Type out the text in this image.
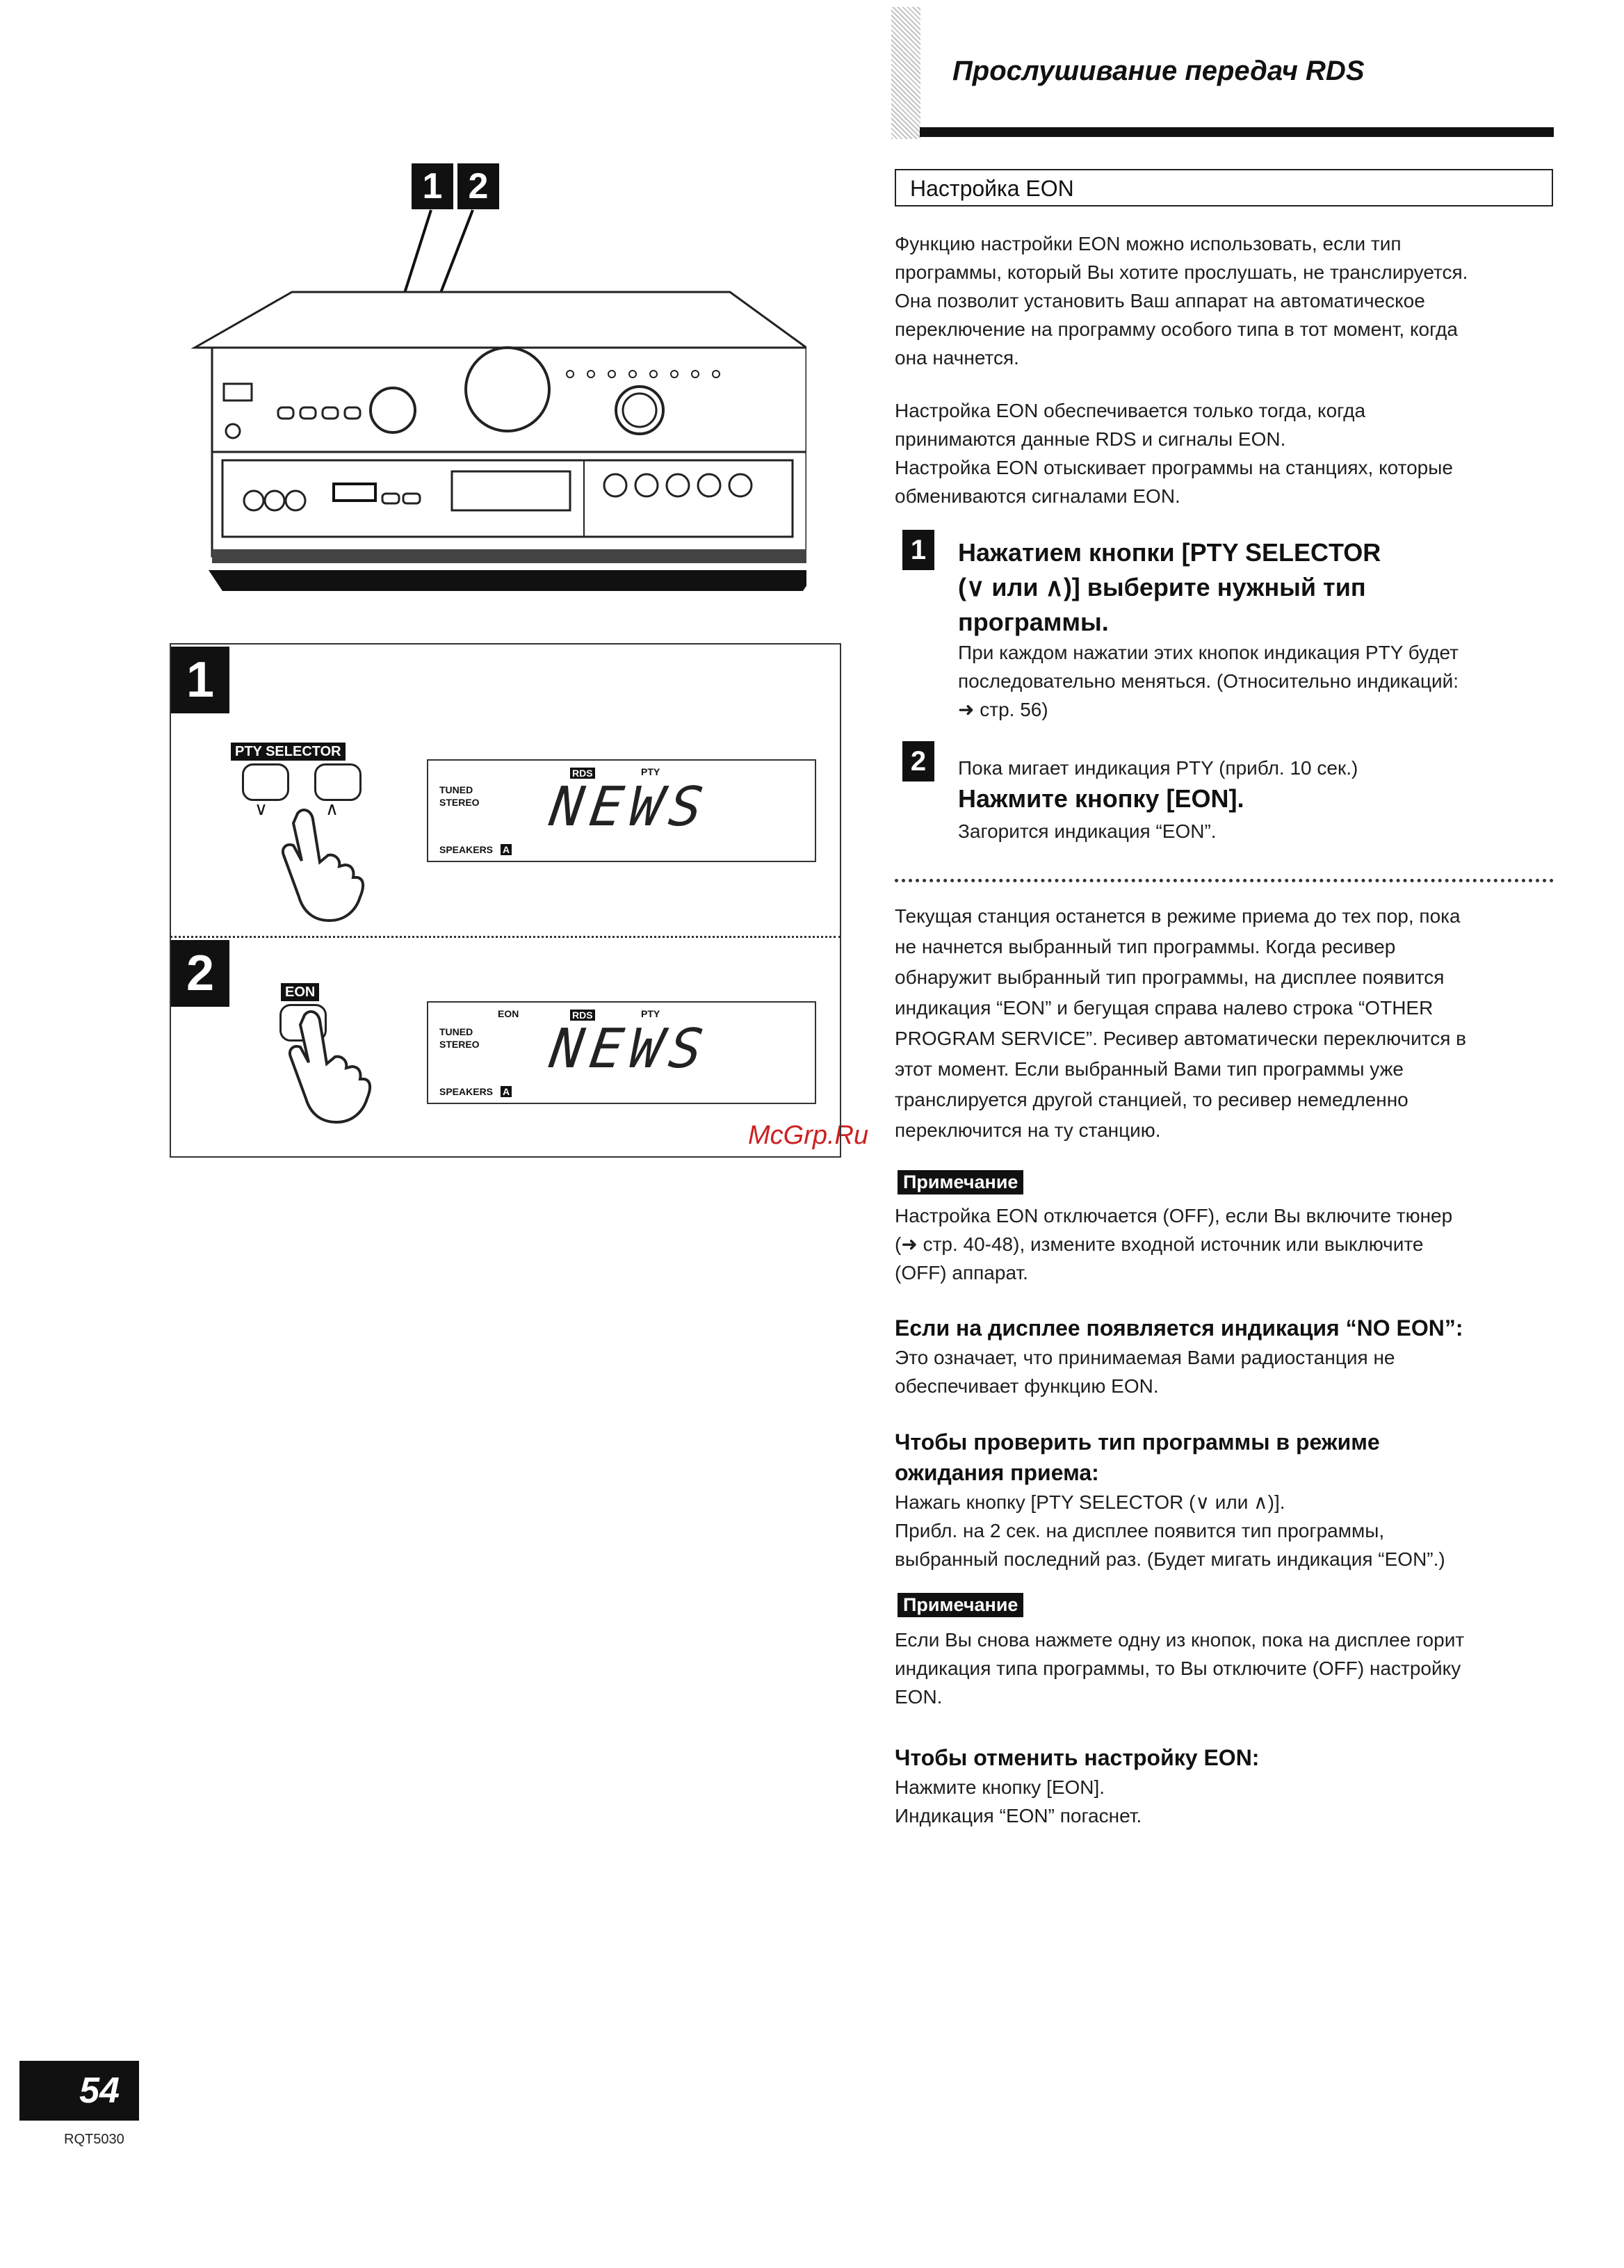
Прослушивание передач RDS
Настройка EON

Функцию настройки EON можно использовать, если тип

программы, который Вы хотите прослушать, не транслируется.

Она позволит установить Ваш аппарат на автоматическое

переключение на программу особого типа в тот момент, когда

она начнется.

Настройка EON обеспечивается только тогда, когда

принимаются данные RDS и сигналы EON.

Настройка EON отыскивает программы на станциях, которые

обмениваются сигналами EON.

1	Нажатием кнопки [PTY SELECTOR
(∨ или ∧)] выберите нужный тип
программы.

При каждом нажатии этих кнопок индикация PTY будет

последовательно меняться. (Относительно индикаций:

➜ стр. 56)

2	Пока мигает индикация PTY (прибл. 10 сек.)
Нажмите кнопку [EON].
Загорится индикация “EON”.

Текущая станция останется в режиме приема до тех пор, пока

не начнется выбранный тип программы. Когда ресивер

обнаружит выбранный тип программы, на дисплее появится

индикация “EON” и бегущая справа налево строка “OTHER

PROGRAM SERVICE”. Ресивер автоматически переключится в

этот момент. Если выбранный Вами тип программы уже

транслируется другой станцией, то ресивер немедленно

переключится на ту станцию.

Примечание

Настройка EON отключается (OFF), если Вы включите тюнер

(➜ стр. 40-48), измените входной источник или выключите

(OFF) аппарат.

Если на дисплее появляется индикация “NO EON”:

Это означает, что принимаемая Вами радиостанция не

обеспечивает функцию EON.

Чтобы проверить тип программы в режиме
ожидания приема:

Нажагь кнопку [PTY SELECTOR (∨ или ∧)].

Прибл. на 2 сек. на дисплее появится тип программы,

выбранный последний раз. (Будет мигать индикация “EON”.)

Примечание

Если Вы снова нажмете одну из кнопок, пока на дисплее горит

индикация типа программы, то Вы отключите (OFF) настройку

EON.

Чтобы отменить настройку EON:

Нажмите кнопку [EON].

Индикация “EON” погаснет.

McGrp.Ru
1 2
1
PTY SELECTOR
∨	∧
TUNED
STEREO
RDS	PTY
SPEAKERS A
NEWS
2	EON
EON
TUNED
STEREO
RDS	PTY
SPEAKERS A
NEWS
54
RQT5030
